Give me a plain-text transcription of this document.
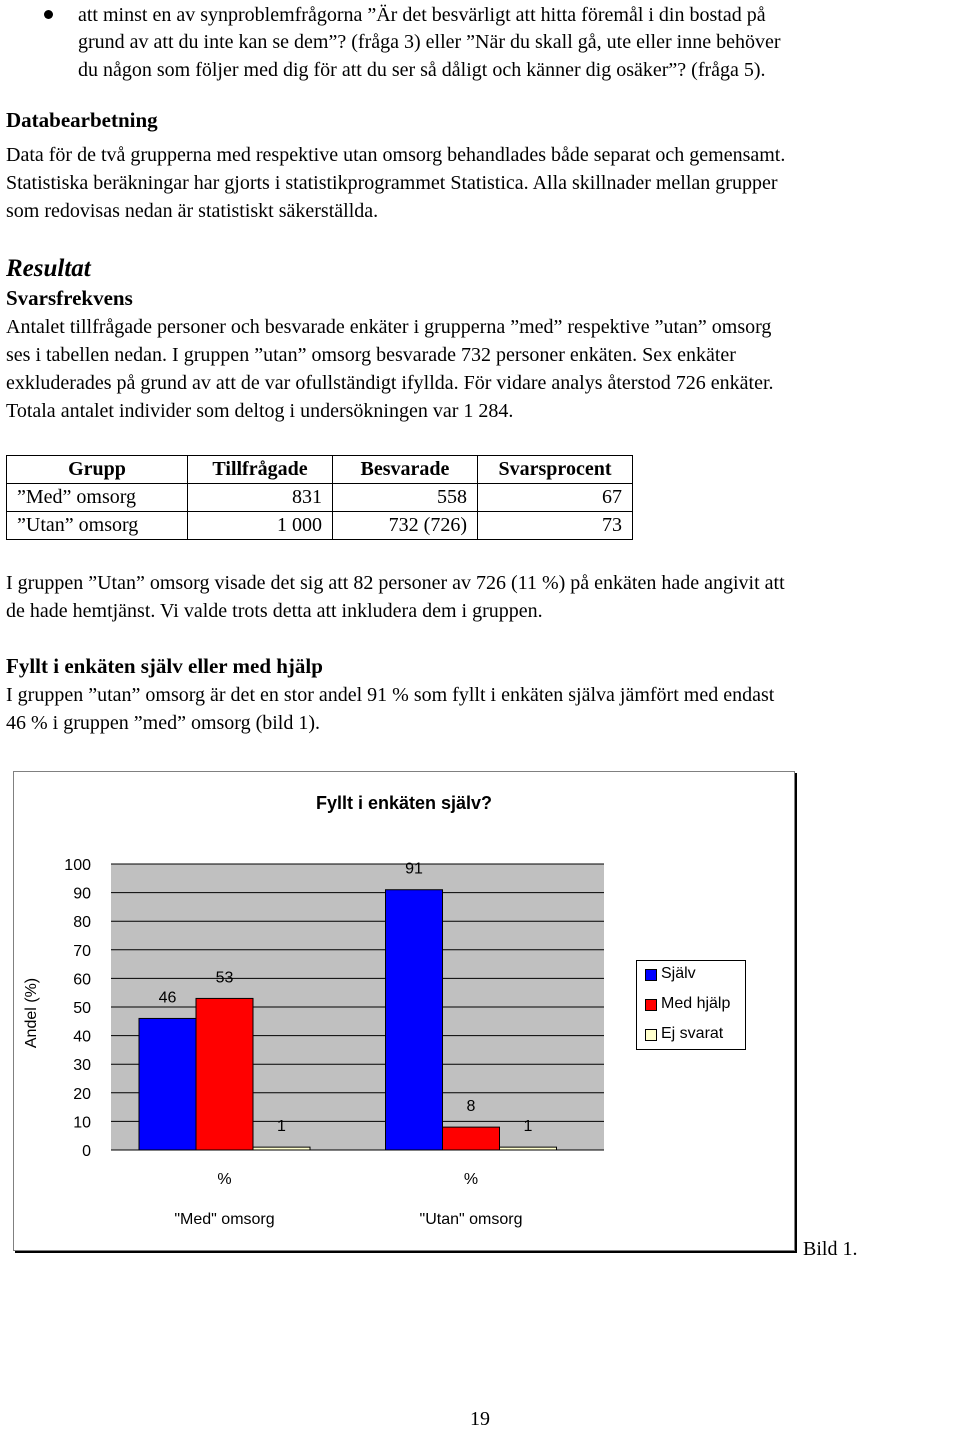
att minst en av synproblemfrågorna ”Är det besvärligt att hitta föremål i din bostad på

grund av att du inte kan se dem”? (fråga 3) eller ”När du skall gå, ute eller inne behöver

du någon som följer med dig för att du ser så dåligt och känner dig osäker”? (fråga 5).

Databearbetning

Data för de två grupperna med respektive utan omsorg behandlades både separat och gemensamt.

Statistiska beräkningar har gjorts i statistikprogrammet Statistica. Alla skillnader mellan grupper

som redovisas nedan är statistiskt säkerställda.

Resultat
Svarsfrekvens

Antalet tillfrågade personer och besvarade enkäter i grupperna ”med” respektive ”utan” omsorg

ses i tabellen nedan. I gruppen ”utan” omsorg besvarade 732 personer enkäten. Sex enkäter

exkluderades på grund av att de var ofullständigt ifyllda. För vidare analys återstod 726 enkäter.

Totala antalet individer som deltog i undersökningen var 1 284.

Grupp	Tillfrågade	Besvarade	Svarsprocent
”Med” omsorg	831	558	67
”Utan” omsorg	1 000	732 (726)	73

I gruppen ”Utan” omsorg visade det sig att 82 personer av 726 (11 %) på enkäten hade angivit att

de hade hemtjänst. Vi valde trots detta att inkludera dem i gruppen.

Fyllt i enkäten själv eller med hjälp

I gruppen ”utan” omsorg är det en stor andel 91 % som fyllt i enkäten själva jämfört med endast

46 % i gruppen ”med” omsorg (bild 1).

Fyllt i enkäten själv?
0
10
20
30
40
50
60
70
80
90
100
Andel (%)	46
53
1
%
"Med" omsorg
91
8
1
%
"Utan" omsorg
Själv
Med hjälp
Ej svarat
Bild 1.
19
